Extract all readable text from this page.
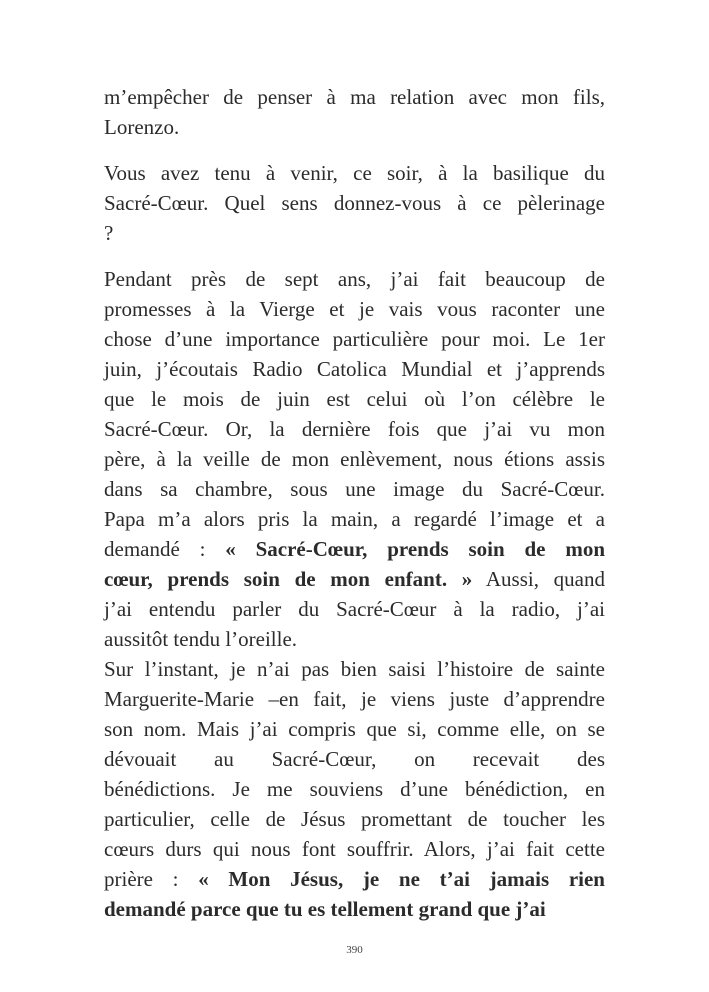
m’empêcher de penser à ma relation avec mon fils,
Lorenzo.
Vous avez tenu à venir, ce soir, à la basilique du
Sacré-Cœur. Quel sens donnez-vous à ce pèlerinage
?
Pendant près de sept ans, j’ai fait beaucoup de
promesses à la Vierge et je vais vous raconter une
chose d’une importance particulière pour moi. Le 1er
juin, j’écoutais Radio Catolica Mundial et j’apprends
que le mois de juin est celui où l’on célèbre le
Sacré-Cœur. Or, la dernière fois que j’ai vu mon
père, à la veille de mon enlèvement, nous étions assis
dans sa chambre, sous une image du Sacré-Cœur.
Papa m’a alors pris la main, a regardé l’image et a
demandé : « Sacré-Cœur, prends soin de mon
cœur, prends soin de mon enfant. » Aussi, quand
j’ai entendu parler du Sacré-Cœur à la radio, j’ai
aussitôt tendu l’oreille.
Sur l’instant, je n’ai pas bien saisi l’histoire de sainte
Marguerite-Marie –en fait, je viens juste d’apprendre
son nom. Mais j’ai compris que si, comme elle, on se
dévouait au Sacré-Cœur, on recevait des
bénédictions. Je me souviens d’une bénédiction, en
particulier, celle de Jésus promettant de toucher les
cœurs durs qui nous font souffrir. Alors, j’ai fait cette
prière : « Mon Jésus, je ne t’ai jamais rien
demandé parce que tu es tellement grand que j’ai
390
